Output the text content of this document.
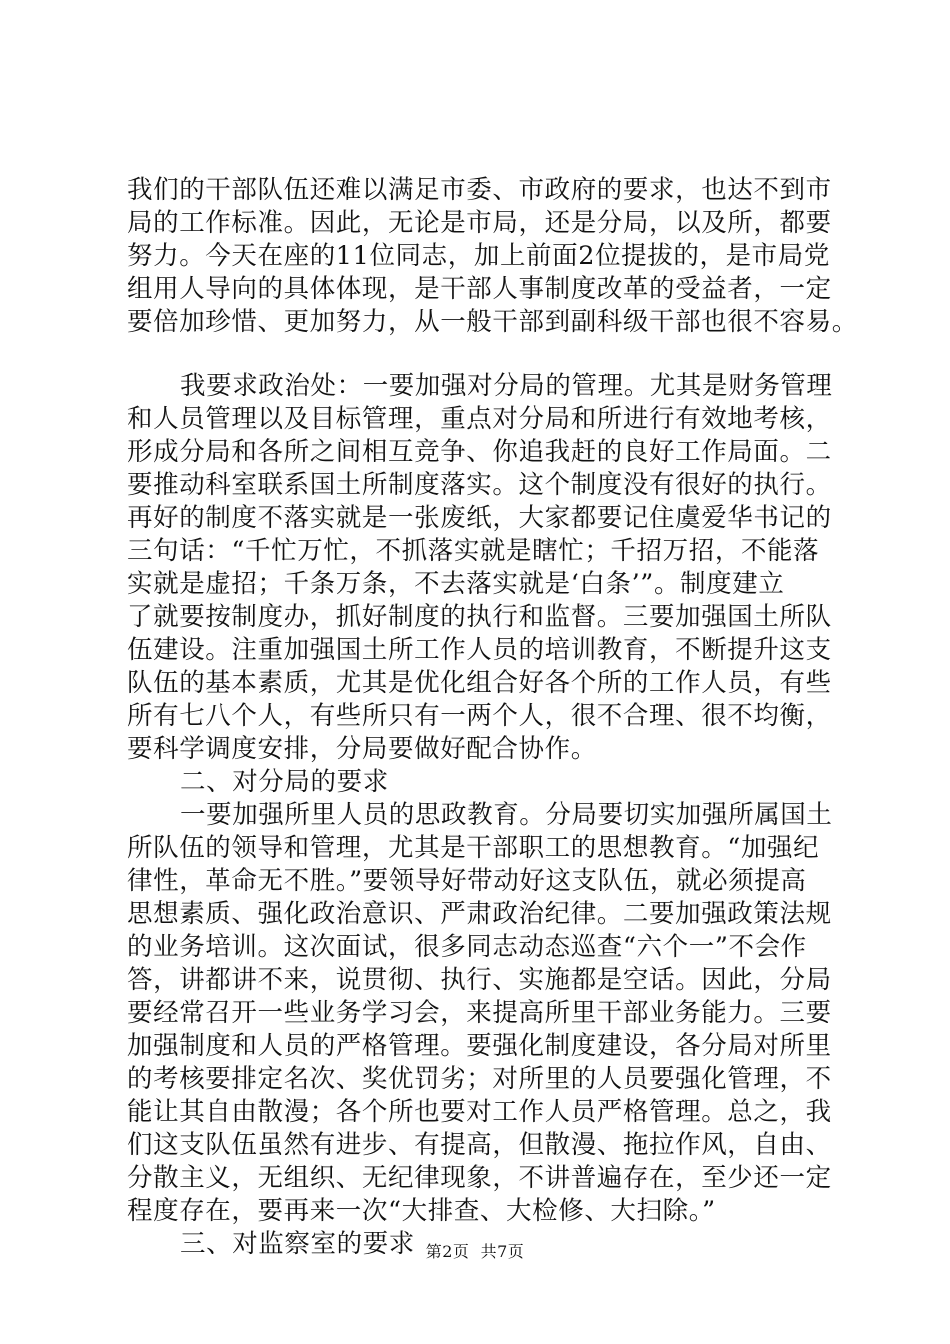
我们的干部队伍还难以满足市委、市政府的要求，也达不到市
局的工作标准。因此，无论是市局，还是分局，以及所，都要
努力。今天在座的11位同志，加上前面2位提拔的，是市局党
组用人导向的具体体现，是干部人事制度改革的受益者，一定
要倍加珍惜、更加努力，从一般干部到副科级干部也很不容易。
我要求政治处：一要加强对分局的管理。尤其是财务管理
和人员管理以及目标管理，重点对分局和所进行有效地考核，
形成分局和各所之间相互竞争、你追我赶的良好工作局面。二
要推动科室联系国土所制度落实。这个制度没有很好的执行。
再好的制度不落实就是一张废纸，大家都要记住虞爱华书记的
三句话：“千忙万忙，不抓落实就是瞎忙；千招万招，不能落
实就是虚招；千条万条，不去落实就是‘白条’”。制度建立
了就要按制度办，抓好制度的执行和监督。三要加强国土所队
伍建设。注重加强国土所工作人员的培训教育，不断提升这支
队伍的基本素质，尤其是优化组合好各个所的工作人员，有些
所有七八个人，有些所只有一两个人，很不合理、很不均衡，
要科学调度安排，分局要做好配合协作。
二、对分局的要求
一要加强所里人员的思政教育。分局要切实加强所属国土
所队伍的领导和管理，尤其是干部职工的思想教育。“加强纪
律性，革命无不胜。”要领导好带动好这支队伍，就必须提高
思想素质、强化政治意识、严肃政治纪律。二要加强政策法规
的业务培训。这次面试，很多同志动态巡查“六个一”不会作
答，讲都讲不来，说贯彻、执行、实施都是空话。因此，分局
要经常召开一些业务学习会，来提高所里干部业务能力。三要
加强制度和人员的严格管理。要强化制度建设，各分局对所里
的考核要排定名次、奖优罚劣；对所里的人员要强化管理，不
能让其自由散漫；各个所也要对工作人员严格管理。总之，我
们这支队伍虽然有进步、有提高，但散漫、拖拉作风，自由、
分散主义，无组织、无纪律现象，不讲普遍存在，至少还一定
程度存在，要再来一次“大排查、大检修、大扫除。”
三、对监察室的要求 第2页  共7页
